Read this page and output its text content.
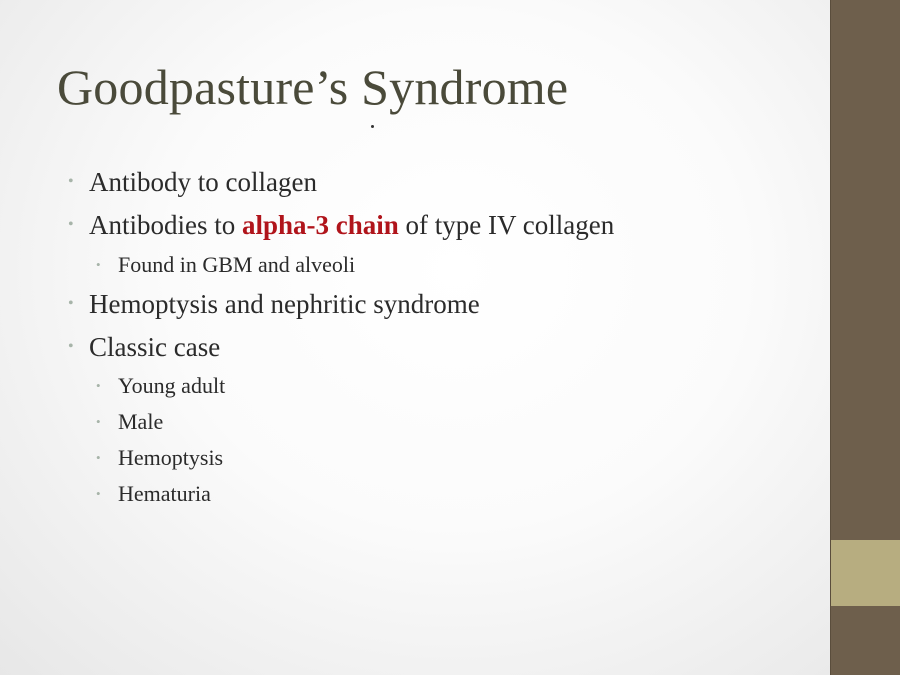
Goodpasture’s Syndrome
• Antibody to collagen
• Antibodies to alpha-3 chain of type IV collagen
• Found in GBM and alveoli
• Hemoptysis and nephritic syndrome
• Classic case
• Young adult
• Male
• Hemoptysis
• Hematuria
